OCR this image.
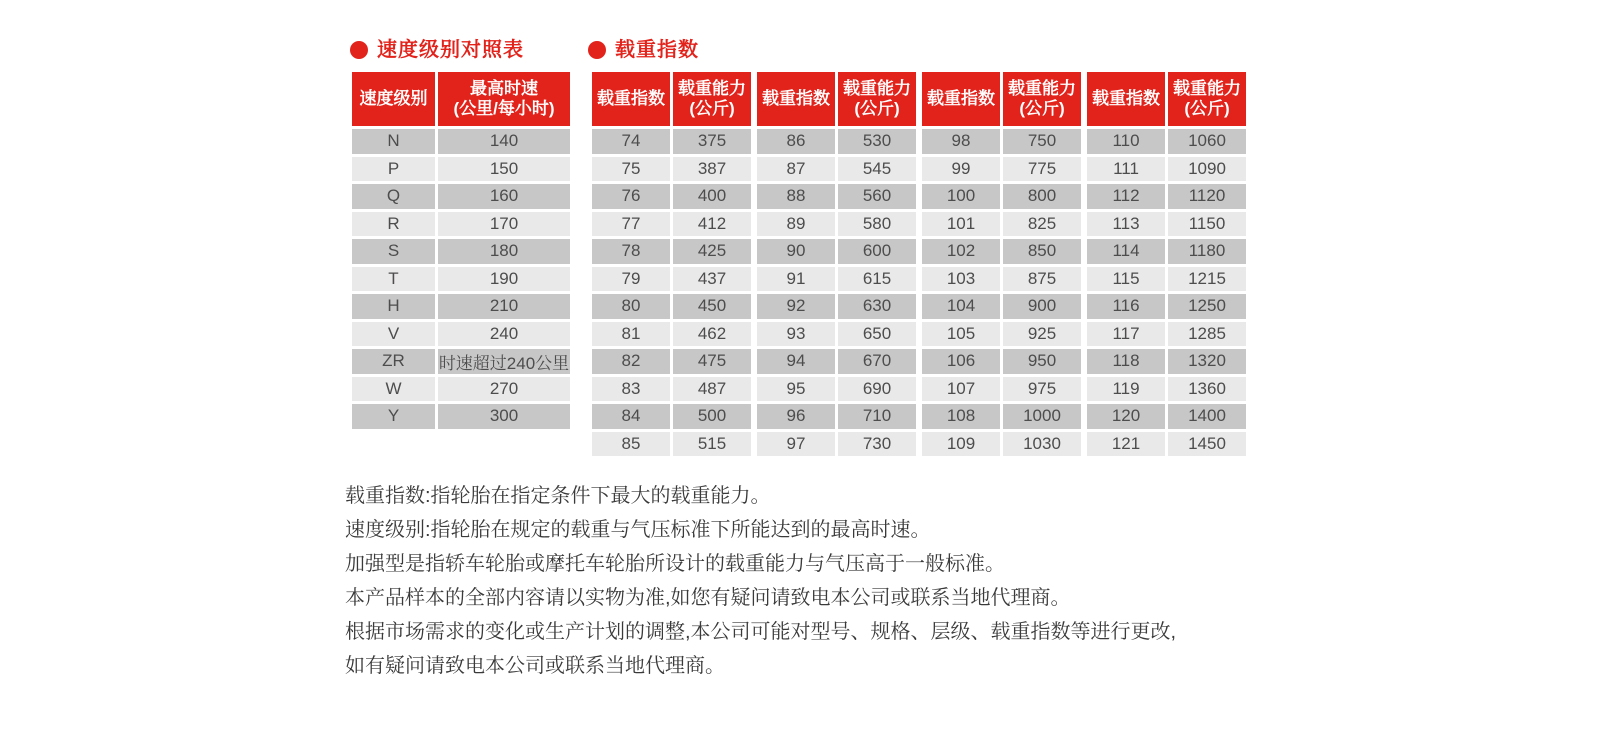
速度级别对照表	载重指数
速度级别
最高时速
(公里/每小时)
N	140
P	150
Q	160
R	170
S	180
T	190
H	210
V	240
ZR	时速超过240公里
W	270
Y	300
载重指数
载重能力
(公斤)
74	375
75	387
76	400
77	412
78	425
79	437
80	450
81	462
82	475
83	487
84	500
85	515
载重指数
载重能力
(公斤)
86	530
87	545
88	560
89	580
90	600
91	615
92	630
93	650
94	670
95	690
96	710
97	730
载重指数
载重能力
(公斤)
98	750
99	775
100	800
101	825
102	850
103	875
104	900
105	925
106	950
107	975
108	1000
109	1030
载重指数
载重能力
(公斤)
110	1060
111	1090
112	1120
113	1150
114	1180
115	1215
116	1250
117	1285
118	1320
119	1360
120	1400
121	1450
载重指数:指轮胎在指定条件下最大的载重能力。
速度级别:指轮胎在规定的载重与气压标准下所能达到的最高时速。
加强型是指轿车轮胎或摩托车轮胎所设计的载重能力与气压高于一般标准。
本产品样本的全部内容请以实物为准,如您有疑问请致电本公司或联系当地代理商。
根据市场需求的变化或生产计划的调整,本公司可能对型号、规格、层级、载重指数等进行更改,
如有疑问请致电本公司或联系当地代理商。
